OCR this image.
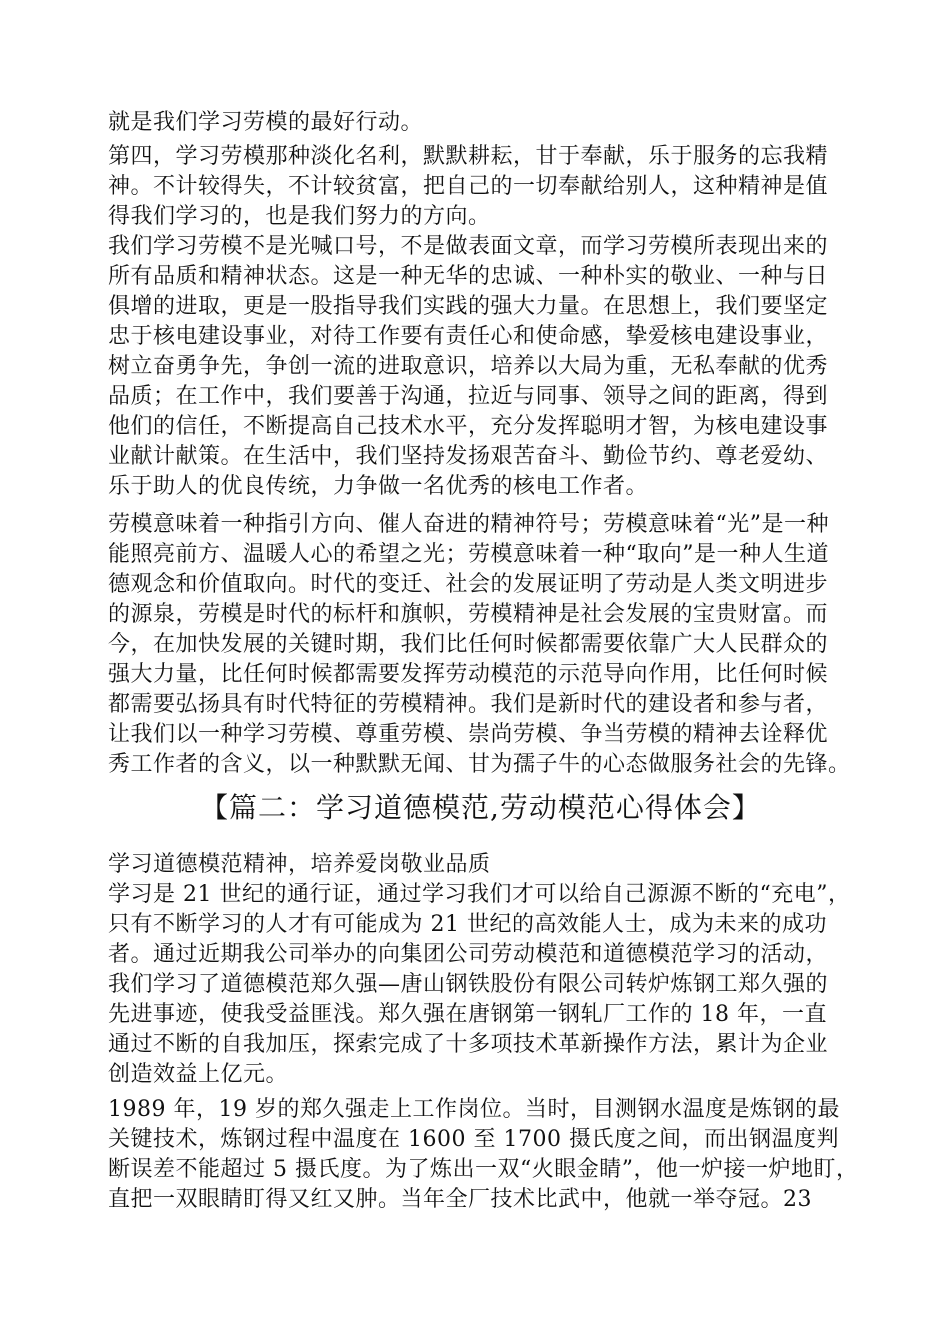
就是我们学习劳模的最好行动。
第四，学习劳模那种淡化名利，默默耕耘，甘于奉献，乐于服务的忘我精
神。不计较得失，不计较贫富，把自己的一切奉献给别人，这种精神是值
得我们学习的，也是我们努力的方向。
我们学习劳模不是光喊口号，不是做表面文章，而学习劳模所表现出来的
所有品质和精神状态。这是一种无华的忠诚、一种朴实的敬业、一种与日
俱增的进取，更是一股指导我们实践的强大力量。在思想上，我们要坚定
忠于核电建设事业，对待工作要有责任心和使命感，挚爱核电建设事业，
树立奋勇争先，争创一流的进取意识，培养以大局为重，无私奉献的优秀
品质；在工作中，我们要善于沟通，拉近与同事、领导之间的距离，得到
他们的信任，不断提高自己技术水平，充分发挥聪明才智，为核电建设事
业献计献策。在生活中，我们坚持发扬艰苦奋斗、勤俭节约、尊老爱幼、
乐于助人的优良传统，力争做一名优秀的核电工作者。
劳模意味着一种指引方向、催人奋进的精神符号；劳模意味着“光”是一种
能照亮前方、温暖人心的希望之光；劳模意味着一种“取向”是一种人生道
德观念和价值取向。时代的变迁、社会的发展证明了劳动是人类文明进步
的源泉，劳模是时代的标杆和旗帜，劳模精神是社会发展的宝贵财富。而
今，在加快发展的关键时期，我们比任何时候都需要依靠广大人民群众的
强大力量，比任何时候都需要发挥劳动模范的示范导向作用，比任何时候
都需要弘扬具有时代特征的劳模精神。我们是新时代的建设者和参与者，
让我们以一种学习劳模、尊重劳模、崇尚劳模、争当劳模的精神去诠释优
秀工作者的含义，以一种默默无闻、甘为孺子牛的心态做服务社会的先锋。
【篇二：学习道德模范,劳动模范心得体会】
学习道德模范精神，培养爱岗敬业品质
学习是 21 世纪的通行证，通过学习我们才可以给自己源源不断的“充电”，
只有不断学习的人才有可能成为 21 世纪的高效能人士，成为未来的成功
者。通过近期我公司举办的向集团公司劳动模范和道德模范学习的活动，
我们学习了道德模范郑久强—唐山钢铁股份有限公司转炉炼钢工郑久强的
先进事迹，使我受益匪浅。郑久强在唐钢第一钢轧厂工作的 18 年，一直
通过不断的自我加压，探索完成了十多项技术革新操作方法，累计为企业
创造效益上亿元。
1989 年，19 岁的郑久强走上工作岗位。当时，目测钢水温度是炼钢的最
关键技术，炼钢过程中温度在 1600 至 1700 摄氏度之间，而出钢温度判
断误差不能超过 5 摄氏度。为了炼出一双“火眼金睛”，他一炉接一炉地盯，
直把一双眼睛盯得又红又肿。当年全厂技术比武中，他就一举夺冠。23
